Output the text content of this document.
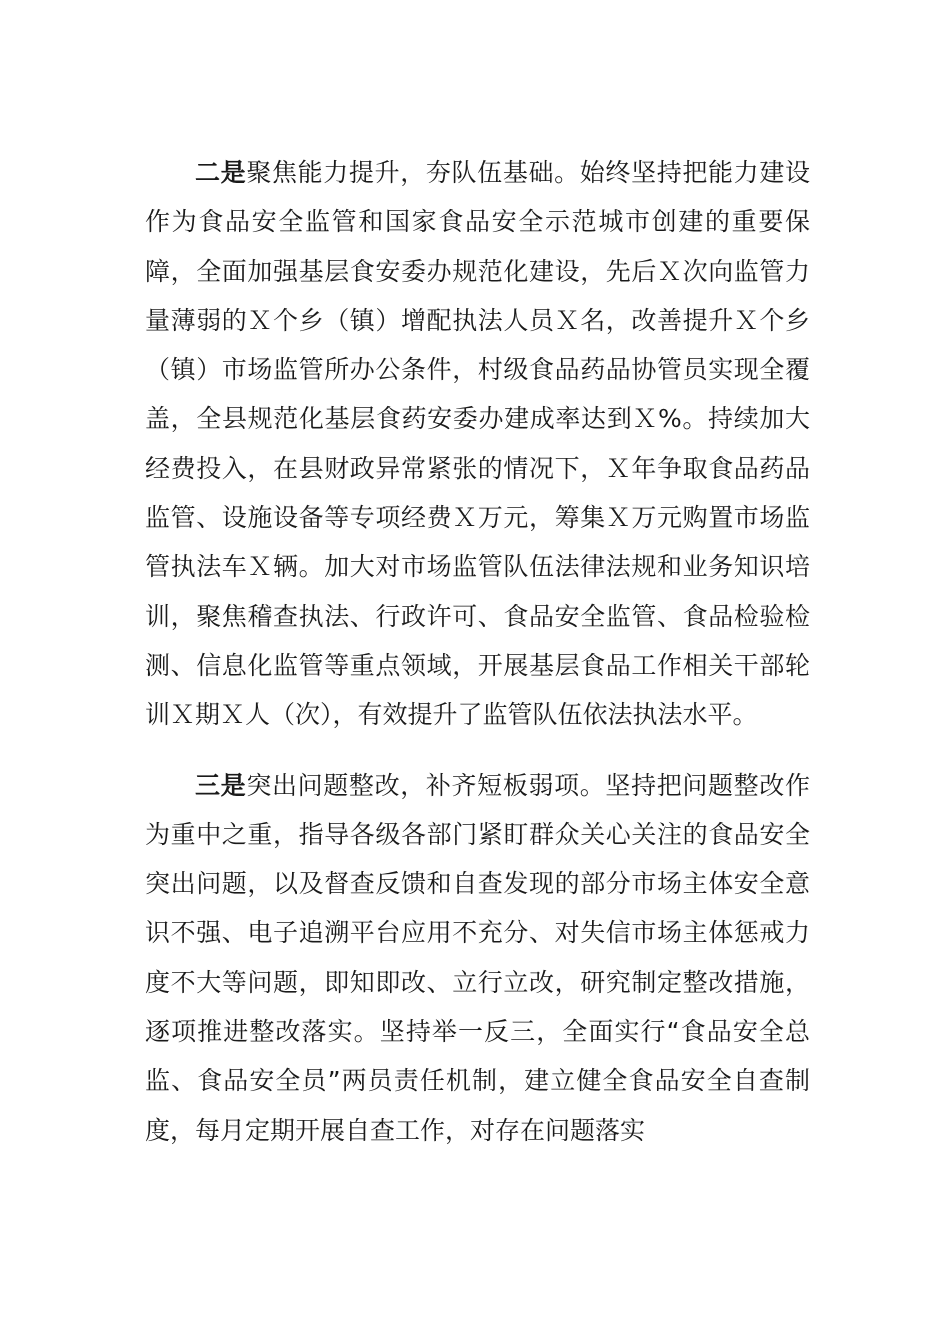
二是聚焦能力提升，夯队伍基础。始终坚持把能力建设作为食品安全监管和国家食品安全示范城市创建的重要保障，全面加强基层食安委办规范化建设，先后Ｘ次向监管力量薄弱的Ｘ个乡（镇）增配执法人员Ｘ名，改善提升Ｘ个乡（镇）市场监管所办公条件，村级食品药品协管员实现全覆盖，全县规范化基层食药安委办建成率达到Ｘ%。持续加大经费投入，在县财政异常紧张的情况下，Ｘ年争取食品药品监管、设施设备等专项经费Ｘ万元，筹集Ｘ万元购置市场监管执法车Ｘ辆。加大对市场监管队伍法律法规和业务知识培训，聚焦稽查执法、行政许可、食品安全监管、食品检验检测、信息化监管等重点领域，开展基层食品工作相关干部轮训Ｘ期Ｘ人（次），有效提升了监管队伍依法执法水平。

三是突出问题整改，补齐短板弱项。坚持把问题整改作为重中之重，指导各级各部门紧盯群众关心关注的食品安全突出问题，以及督查反馈和自查发现的部分市场主体安全意识不强、电子追溯平台应用不充分、对失信市场主体惩戒力度不大等问题，即知即改、立行立改，研究制定整改措施，逐项推进整改落实。坚持举一反三，全面实行“食品安全总监、食品安全员”两员责任机制，建立健全食品安全自查制度，每月定期开展自查工作，对存在问题落实
